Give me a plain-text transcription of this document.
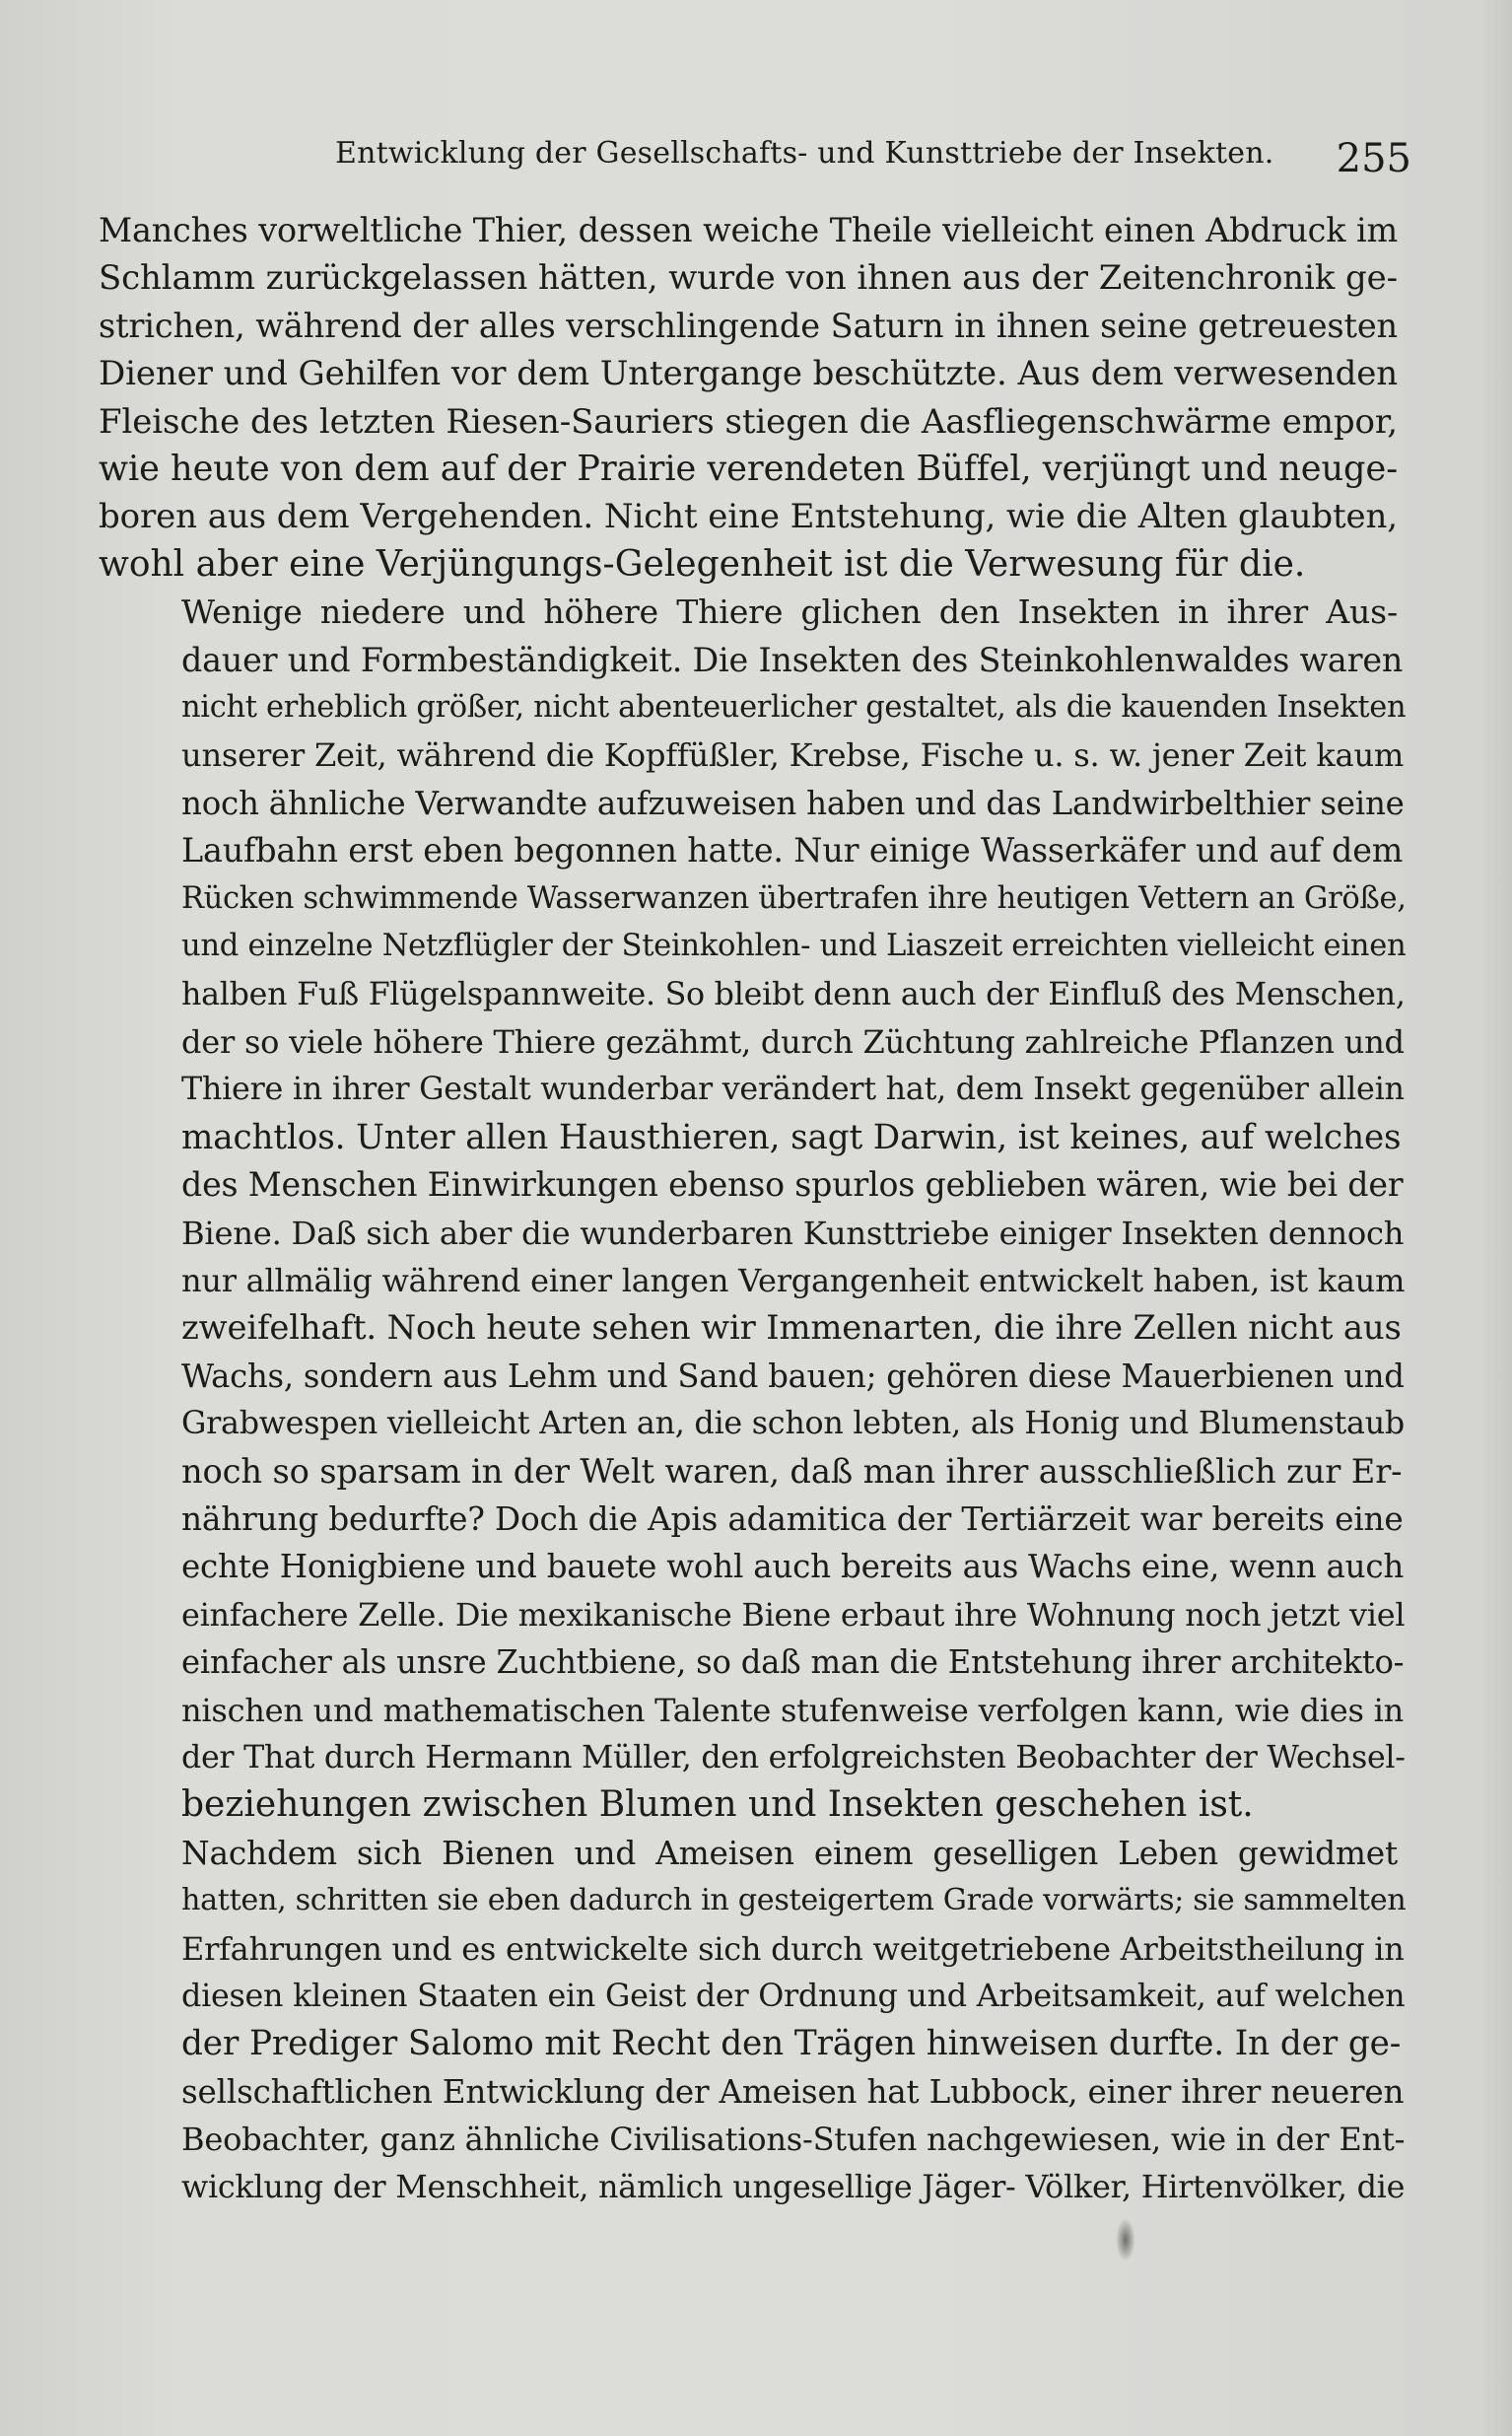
Entwicklung der Gesellschafts- und Kunsttriebe der Insekten. 255

Manches vorweltliche Thier, dessen weiche Theile vielleicht einen Abdruck im
Schlamm zurückgelassen hätten, wurde von ihnen aus der Zeitenchronik ge-
strichen, während der alles verschlingende Saturn in ihnen seine getreuesten
Diener und Gehilfen vor dem Untergange beschützte. Aus dem verwesenden
Fleische des letzten Riesen-Sauriers stiegen die Aasfliegenschwärme empor,
wie heute von dem auf der Prairie verendeten Büffel, verjüngt und neuge-
boren aus dem Vergehenden. Nicht eine Entstehung, wie die Alten glaubten,
wohl aber eine Verjüngungs-Gelegenheit ist die Verwesung für die.

Wenige niedere und höhere Thiere glichen den Insekten in ihrer Aus-
dauer und Formbeständigkeit. Die Insekten des Steinkohlenwaldes waren
nicht erheblich größer, nicht abenteuerlicher gestaltet, als die kauenden Insekten
unserer Zeit, während die Kopffüßler, Krebse, Fische u. s. w. jener Zeit kaum
noch ähnliche Verwandte aufzuweisen haben und das Landwirbelthier seine
Laufbahn erst eben begonnen hatte. Nur einige Wasserkäfer und auf dem
Rücken schwimmende Wasserwanzen übertrafen ihre heutigen Vettern an Größe,
und einzelne Netzflügler der Steinkohlen- und Liaszeit erreichten vielleicht einen
halben Fuß Flügelspannweite. So bleibt denn auch der Einfluß des Menschen,
der so viele höhere Thiere gezähmt, durch Züchtung zahlreiche Pflanzen und
Thiere in ihrer Gestalt wunderbar verändert hat, dem Insekt gegenüber allein
machtlos. Unter allen Hausthieren, sagt Darwin, ist keines, auf welches
des Menschen Einwirkungen ebenso spurlos geblieben wären, wie bei der
Biene. Daß sich aber die wunderbaren Kunsttriebe einiger Insekten dennoch
nur allmälig während einer langen Vergangenheit entwickelt haben, ist kaum
zweifelhaft. Noch heute sehen wir Immenarten, die ihre Zellen nicht aus
Wachs, sondern aus Lehm und Sand bauen; gehören diese Mauerbienen und
Grabwespen vielleicht Arten an, die schon lebten, als Honig und Blumenstaub
noch so sparsam in der Welt waren, daß man ihrer ausschließlich zur Er-
nährung bedurfte? Doch die Apis adamitica der Tertiärzeit war bereits eine
echte Honigbiene und bauete wohl auch bereits aus Wachs eine, wenn auch
einfachere Zelle. Die mexikanische Biene erbaut ihre Wohnung noch jetzt viel
einfacher als unsre Zuchtbiene, so daß man die Entstehung ihrer architekto-
nischen und mathematischen Talente stufenweise verfolgen kann, wie dies in
der That durch Hermann Müller, den erfolgreichsten Beobachter der Wechsel-
beziehungen zwischen Blumen und Insekten geschehen ist.

Nachdem sich Bienen und Ameisen einem geselligen Leben gewidmet
hatten, schritten sie eben dadurch in gesteigertem Grade vorwärts; sie sammelten
Erfahrungen und es entwickelte sich durch weitgetriebene Arbeitstheilung in
diesen kleinen Staaten ein Geist der Ordnung und Arbeitsamkeit, auf welchen
der Prediger Salomo mit Recht den Trägen hinweisen durfte. In der ge-
sellschaftlichen Entwicklung der Ameisen hat Lubbock, einer ihrer neueren
Beobachter, ganz ähnliche Civilisations-Stufen nachgewiesen, wie in der Ent-
wicklung der Menschheit, nämlich ungesellige Jäger- Völker, Hirtenvölker, die
